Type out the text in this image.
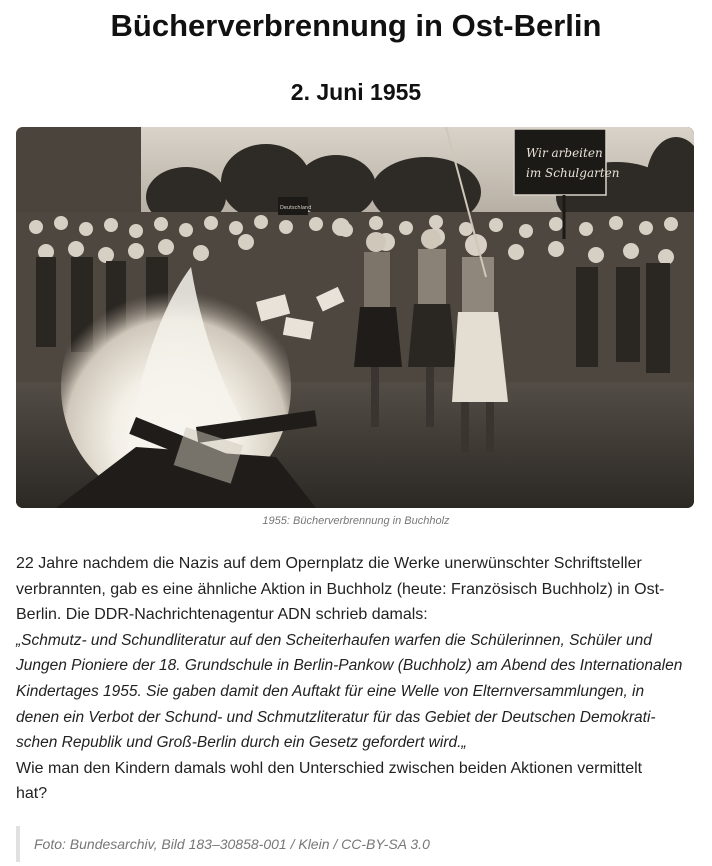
Bücherverbrennung in Ost-Berlin
2. Juni 1955
Wir arbeiten
im Schulgarten
Deutschland
1955: Bücherverbrennung in Buchholz
22 Jahre nachdem die Nazis auf dem Opernplatz die Werke unerwünschter Schriftsteller
verbrannten, gab es eine ähnliche Aktion in Buchholz (heute: Französisch Buchholz) in Ost-
Berlin. Die DDR-Nachrichtenagentur ADN schrieb damals:
„Schmutz- und Schundliteratur auf den Scheiterhaufen warfen die Schülerinnen, Schüler und
Jungen Pioniere der 18. Grundschule in Berlin-Pankow (Buchholz) am Abend des Internationalen
Kindertages 1955. Sie gaben damit den Auftakt für eine Welle von Elternversammlungen, in
denen ein Verbot der Schund- und Schmutzliteratur für das Gebiet der Deutschen Demokrati-
schen Republik und Groß-Berlin durch ein Gesetz gefordert wird.„
Wie man den Kindern damals wohl den Unterschied zwischen beiden Aktionen vermittelt
hat?
Foto: Bundesarchiv, Bild 183–30858-001 / Klein / CC-BY-SA 3.0
